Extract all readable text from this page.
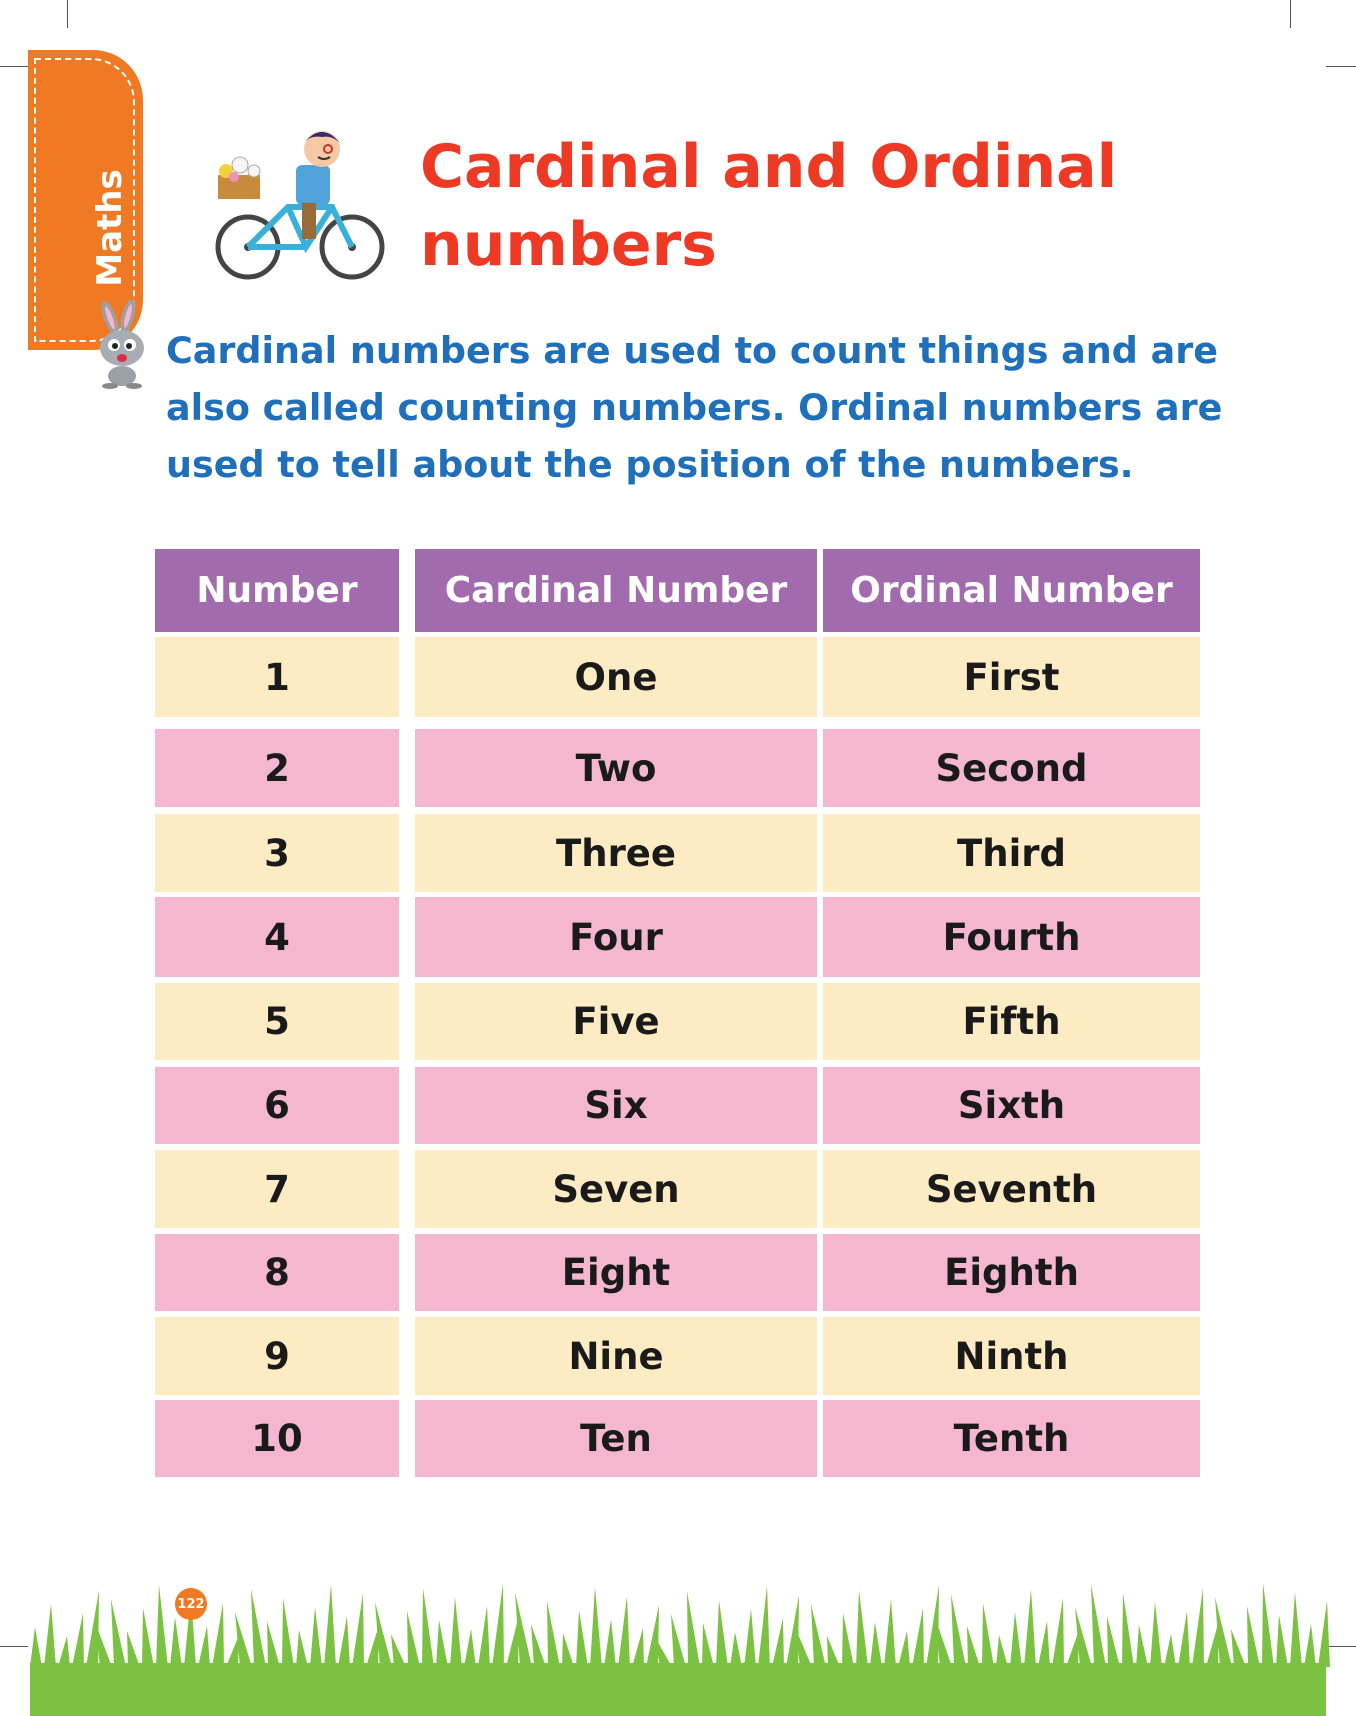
Maths
Cardinal and Ordinal numbers

Cardinal numbers are used to count things and are also called counting numbers. Ordinal numbers are used to tell about the position of the numbers.

Number	Cardinal Number	Ordinal Number
1	One	First
2	Two	Second
3	Three	Third
4	Four	Fourth
5	Five	Fifth
6	Six	Sixth
7	Seven	Seventh
8	Eight	Eighth
9	Nine	Ninth
10	Ten	Tenth
122
